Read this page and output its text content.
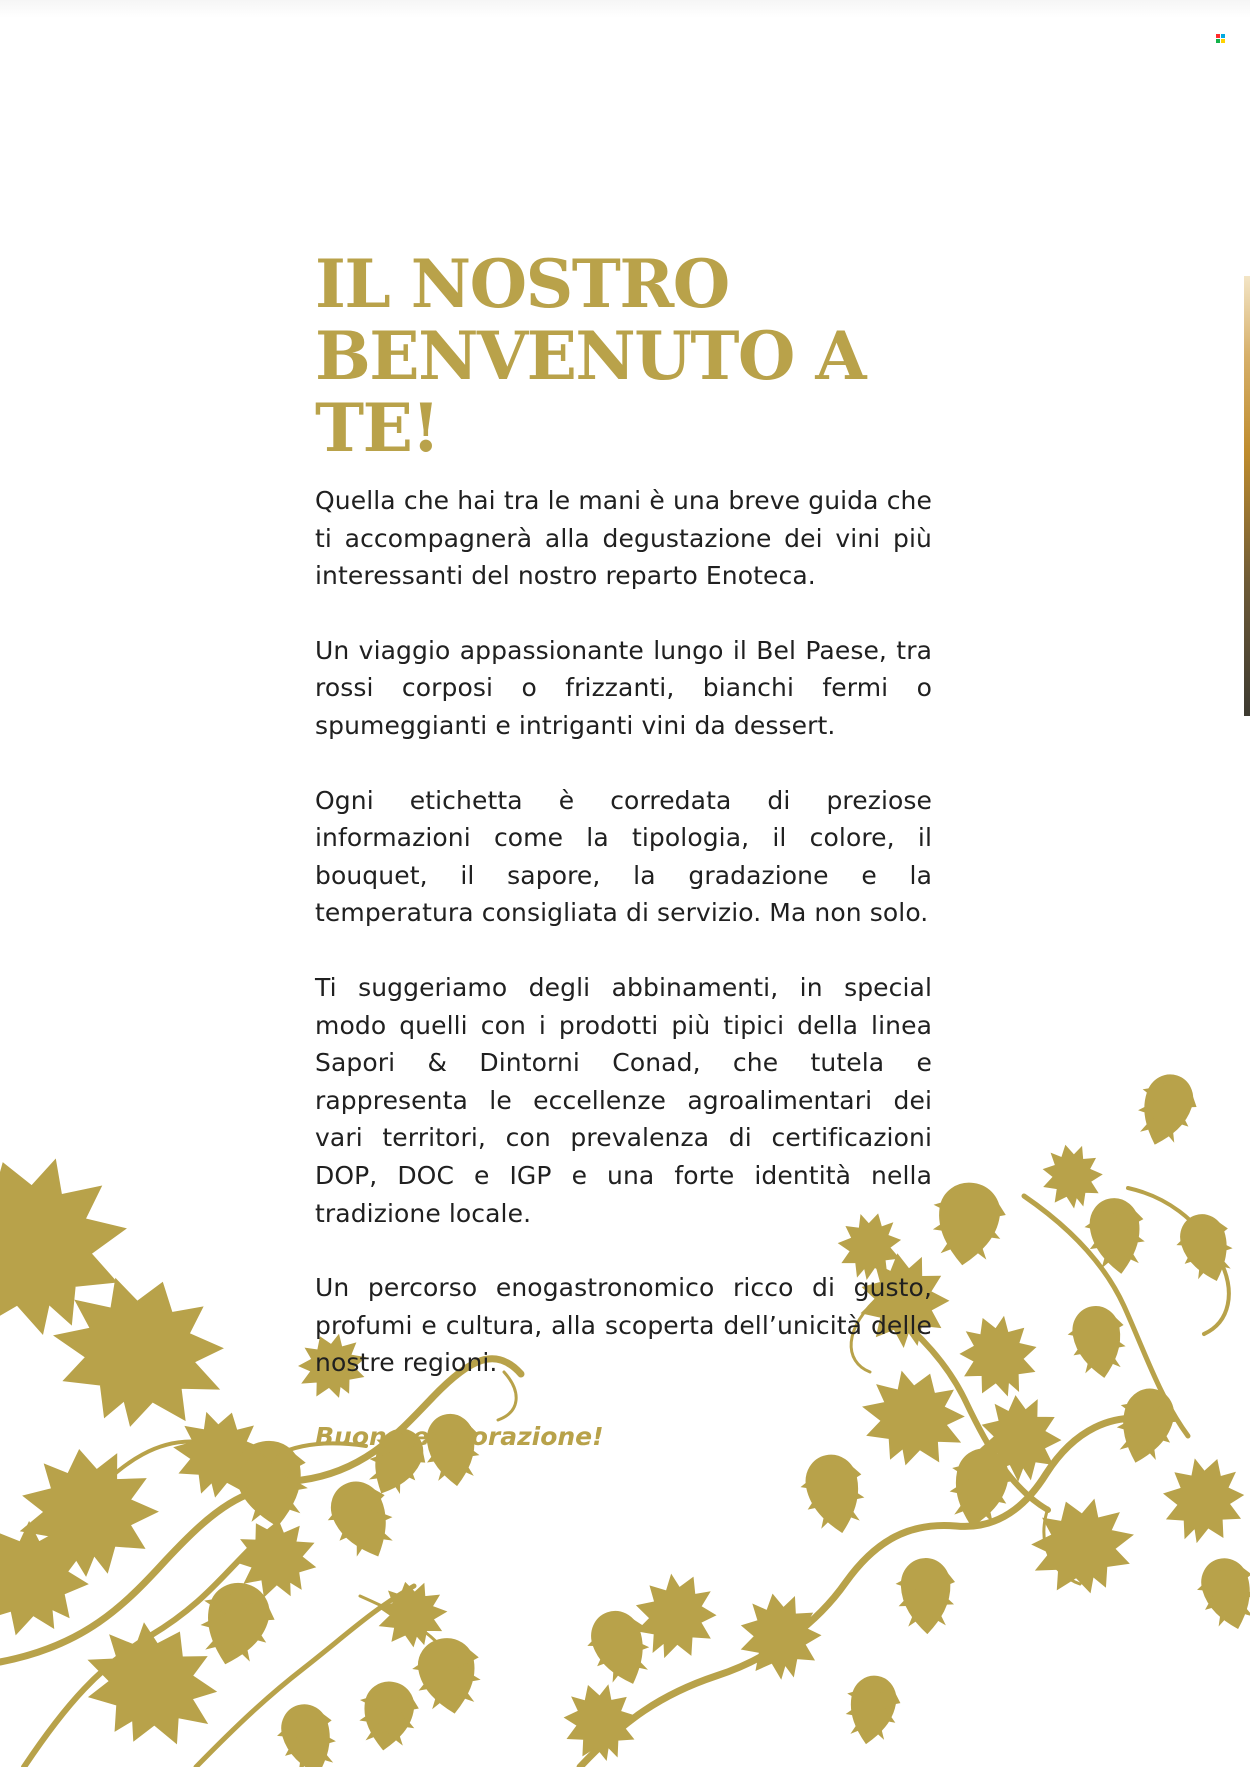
IL NOSTRO
BENVENUTO A TE!

Quella che hai tra le mani è una breve guida che ti accompagnerà alla degustazione dei vini più interessanti del nostro reparto Enoteca.

Un viaggio appassionante lungo il Bel Paese, tra rossi corposi o frizzanti, bianchi fermi o spumeggianti e intriganti vini da dessert.

Ogni etichetta è corredata di preziose informazioni come la tipologia, il colore, il bouquet, il sapore, la gradazione e la temperatura consigliata di servizio. Ma non solo.

Ti suggeriamo degli abbinamenti, in special modo quelli con i prodotti più tipici della linea Sapori & Dintorni Conad, che tutela e rappresenta le eccellenze agroalimentari dei vari territori, con prevalenza di certificazioni DOP, DOC e IGP e una forte identità nella tradizione locale.

Un percorso enogastronomico ricco di gusto, profumi e cultura, alla scoperta dell’unicità delle nostre regioni.

Buona esplorazione!
